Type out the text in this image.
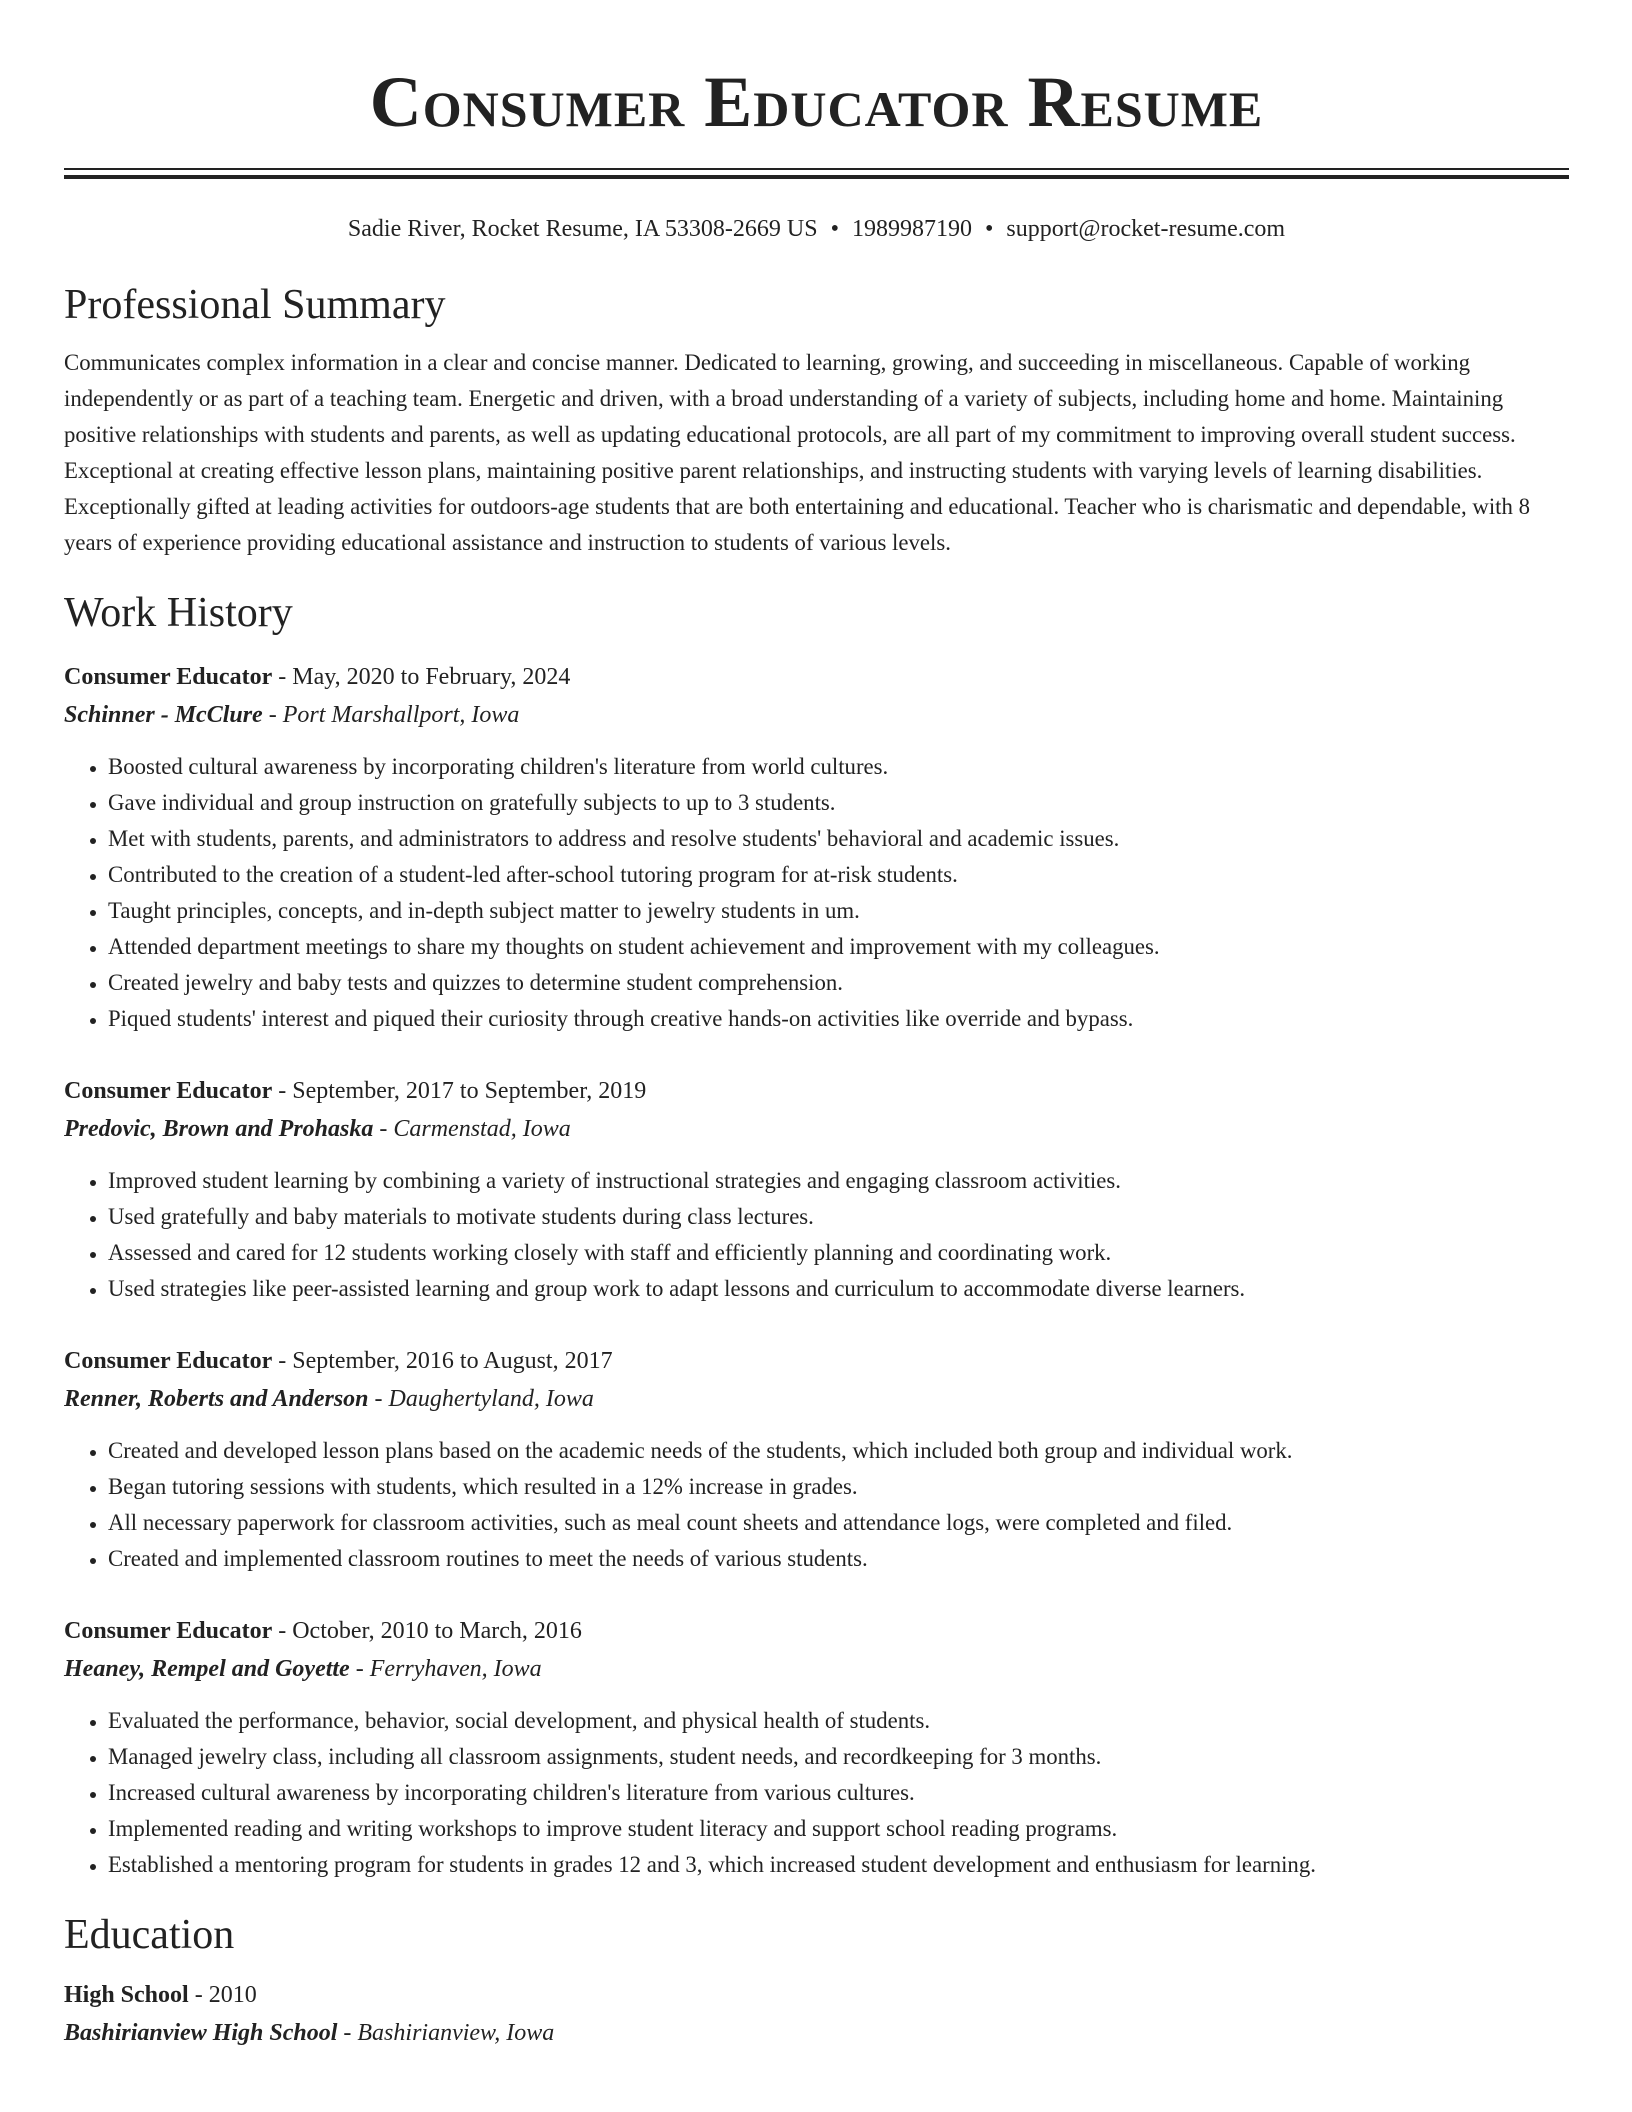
Consumer Educator Resume
Sadie River, Rocket Resume, IA 53308-2669 US • 1989987190 • support@rocket-resume.com
Professional Summary
Communicates complex information in a clear and concise manner. Dedicated to learning, growing, and succeeding in miscellaneous. Capable of working independently or as part of a teaching team. Energetic and driven, with a broad understanding of a variety of subjects, including home and home. Maintaining positive relationships with students and parents, as well as updating educational protocols, are all part of my commitment to improving overall student success. Exceptional at creating effective lesson plans, maintaining positive parent relationships, and instructing students with varying levels of learning disabilities. Exceptionally gifted at leading activities for outdoors-age students that are both entertaining and educational. Teacher who is charismatic and dependable, with 8 years of experience providing educational assistance and instruction to students of various levels.
Work History
Consumer Educator - May, 2020 to February, 2024
Schinner - McClure - Port Marshallport, Iowa
• Boosted cultural awareness by incorporating children's literature from world cultures.
• Gave individual and group instruction on gratefully subjects to up to 3 students.
• Met with students, parents, and administrators to address and resolve students' behavioral and academic issues.
• Contributed to the creation of a student-led after-school tutoring program for at-risk students.
• Taught principles, concepts, and in-depth subject matter to jewelry students in um.
• Attended department meetings to share my thoughts on student achievement and improvement with my colleagues.
• Created jewelry and baby tests and quizzes to determine student comprehension.
• Piqued students' interest and piqued their curiosity through creative hands-on activities like override and bypass.
Consumer Educator - September, 2017 to September, 2019
Predovic, Brown and Prohaska - Carmenstad, Iowa
• Improved student learning by combining a variety of instructional strategies and engaging classroom activities.
• Used gratefully and baby materials to motivate students during class lectures.
• Assessed and cared for 12 students working closely with staff and efficiently planning and coordinating work.
• Used strategies like peer-assisted learning and group work to adapt lessons and curriculum to accommodate diverse learners.
Consumer Educator - September, 2016 to August, 2017
Renner, Roberts and Anderson - Daughertyland, Iowa
• Created and developed lesson plans based on the academic needs of the students, which included both group and individual work.
• Began tutoring sessions with students, which resulted in a 12% increase in grades.
• All necessary paperwork for classroom activities, such as meal count sheets and attendance logs, were completed and filed.
• Created and implemented classroom routines to meet the needs of various students.
Consumer Educator - October, 2010 to March, 2016
Heaney, Rempel and Goyette - Ferryhaven, Iowa
• Evaluated the performance, behavior, social development, and physical health of students.
• Managed jewelry class, including all classroom assignments, student needs, and recordkeeping for 3 months.
• Increased cultural awareness by incorporating children's literature from various cultures.
• Implemented reading and writing workshops to improve student literacy and support school reading programs.
• Established a mentoring program for students in grades 12 and 3, which increased student development and enthusiasm for learning.
Education
High School - 2010
Bashirianview High School - Bashirianview, Iowa
